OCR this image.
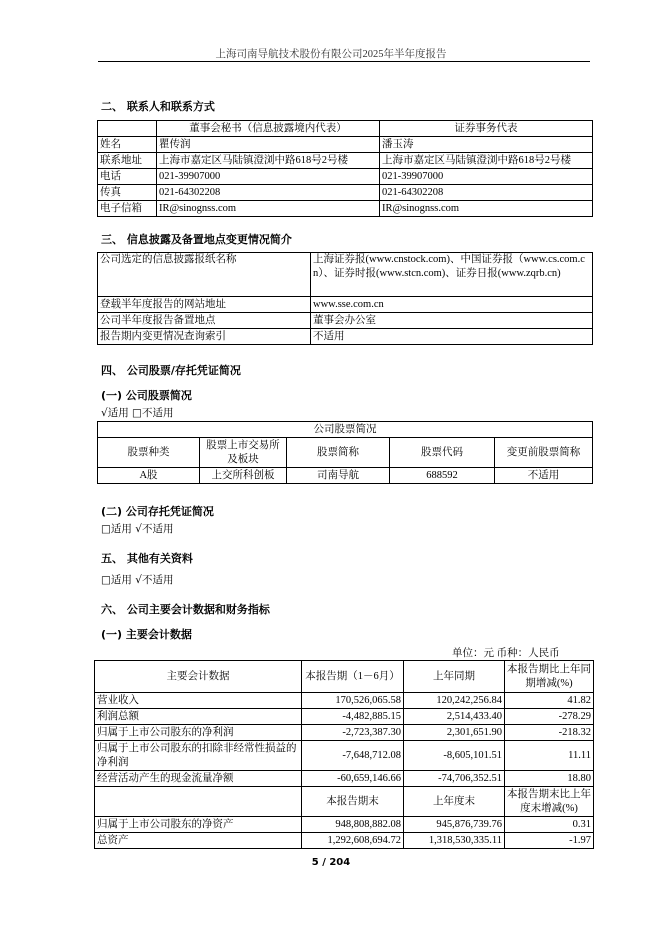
上海司南导航技术股份有限公司2025年半年度报告
二、 联系人和联系方式
	董事会秘书（信息披露境内代表）	证券事务代表
姓名	瞿传润	潘玉涛
联系地址	上海市嘉定区马陆镇澄浏中路618号2号楼	上海市嘉定区马陆镇澄浏中路618号2号楼
电话	021-39907000	021-39907000
传真	021-64302208	021-64302208
电子信箱	IR@sinognss.com	IR@sinognss.com
三、 信息披露及备置地点变更情况简介
公司选定的信息披露报纸名称	上海证券报(www.cnstock.com)、中国证券报（www.cs.com.cn）、证券时报(www.stcn.com)、证券日报(www.zqrb.cn)
登载半年度报告的网站地址	www.sse.com.cn
公司半年度报告备置地点	董事会办公室
报告期内变更情况查询索引	不适用
四、 公司股票/存托凭证简况
(一) 公司股票简况
√适用 □不适用
公司股票简况				
股票种类	股票上市交易所及板块	股票简称	股票代码	变更前股票简称
A股	上交所科创板	司南导航	688592	不适用
(二) 公司存托凭证简况
□适用 √不适用
五、 其他有关资料
□适用 √不适用
六、 公司主要会计数据和财务指标
(一) 主要会计数据
单位：元 币种：人民币
主要会计数据	本报告期（1－6月）	上年同期	本报告期比上年同期增减(%)
营业收入	170,526,065.58	120,242,256.84	41.82
利润总额	-4,482,885.15	2,514,433.40	-278.29
归属于上市公司股东的净利润	-2,723,387.30	2,301,651.90	-218.32
归属于上市公司股东的扣除非经常性损益的净利润	-7,648,712.08	-8,605,101.51	11.11
经营活动产生的现金流量净额	-60,659,146.66	-74,706,352.51	18.80
	本报告期末	上年度末	本报告期末比上年度末增减(%)
归属于上市公司股东的净资产	948,808,882.08	945,876,739.76	0.31
总资产	1,292,608,694.72	1,318,530,335.11	-1.97
5 / 204
